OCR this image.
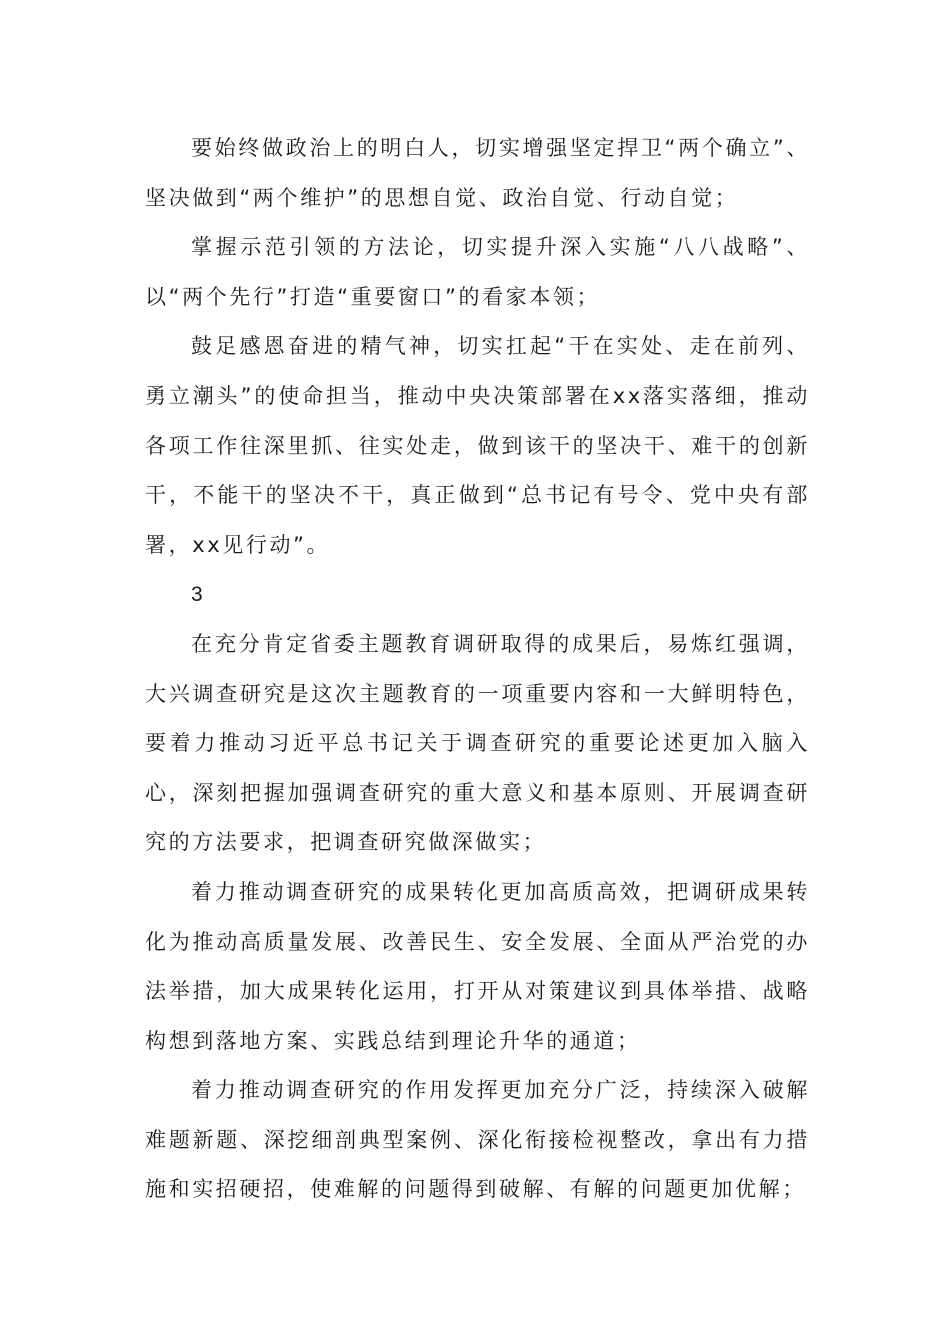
要始终做政治上的明白人，切实增强坚定捍卫“两个确立”、坚决做到“两个维护”的思想自觉、政治自觉、行动自觉；

掌握示范引领的方法论，切实提升深入实施“八八战略”、以“两个先行”打造“重要窗口”的看家本领；

鼓足感恩奋进的精气神，切实扛起“干在实处、走在前列、勇立潮头”的使命担当，推动中央决策部署在xx落实落细，推动各项工作往深里抓、往实处走，做到该干的坚决干、难干的创新干，不能干的坚决不干，真正做到“总书记有号令、党中央有部署，xx见行动”。

3

在充分肯定省委主题教育调研取得的成果后，易炼红强调，大兴调查研究是这次主题教育的一项重要内容和一大鲜明特色，要着力推动习近平总书记关于调查研究的重要论述更加入脑入心，深刻把握加强调查研究的重大意义和基本原则、开展调查研究的方法要求，把调查研究做深做实；

着力推动调查研究的成果转化更加高质高效，把调研成果转化为推动高质量发展、改善民生、安全发展、全面从严治党的办法举措，加大成果转化运用，打开从对策建议到具体举措、战略构想到落地方案、实践总结到理论升华的通道；

着力推动调查研究的作用发挥更加充分广泛，持续深入破解难题新题、深挖细剖典型案例、深化衔接检视整改，拿出有力措施和实招硬招，使难解的问题得到破解、有解的问题更加优解；
